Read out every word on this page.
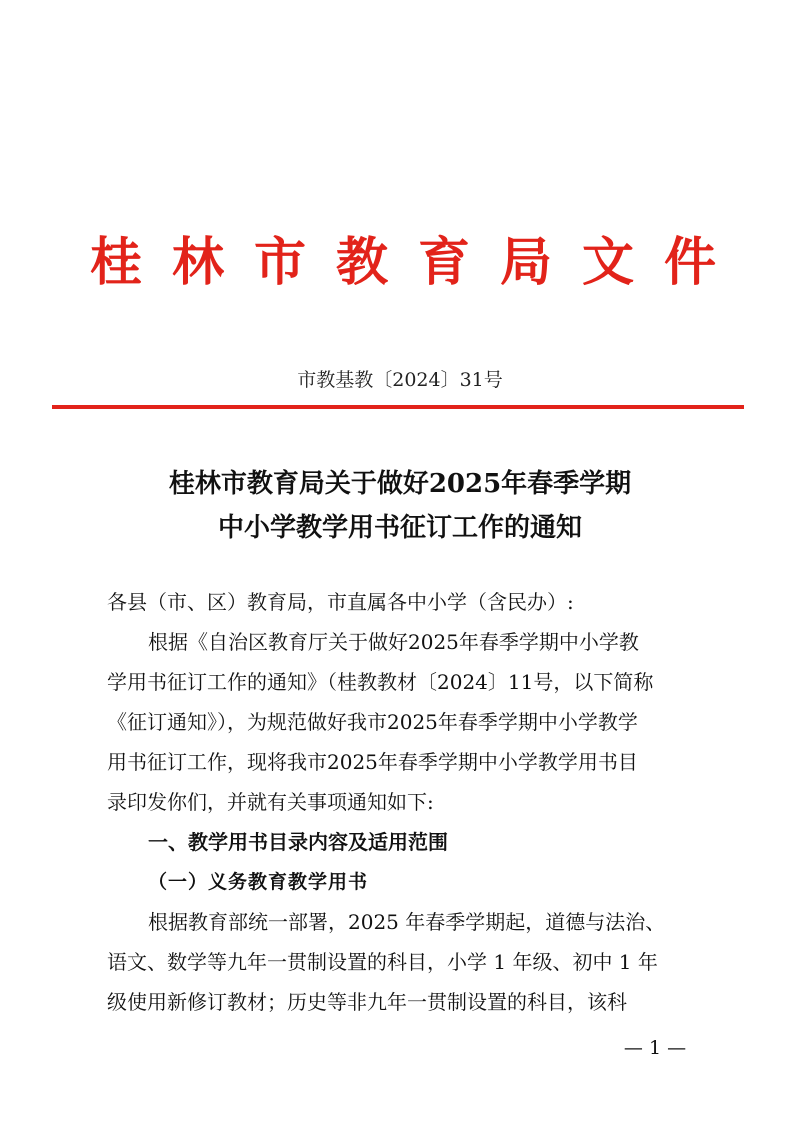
桂林市教育局文件
市教基教〔2024〕31号
桂林市教育局关于做好2025年春季学期
中小学教学用书征订工作的通知
各县（市、区）教育局，市直属各中小学（含民办）:
根据《自治区教育厅关于做好2025年春季学期中小学教
学用书征订工作的通知》（桂教教材〔2024〕11号，以下简称
《征订通知》），为规范做好我市2025年春季学期中小学教学
用书征订工作，现将我市2025年春季学期中小学教学用书目
录印发你们，并就有关事项通知如下:
一、教学用书目录内容及适用范围
（一）义务教育教学用书
根据教育部统一部署，2025 年春季学期起，道德与法治、
语文、数学等九年一贯制设置的科目，小学 1 年级、初中 1 年
级使用新修订教材；历史等非九年一贯制设置的科目，该科
— 1 —
